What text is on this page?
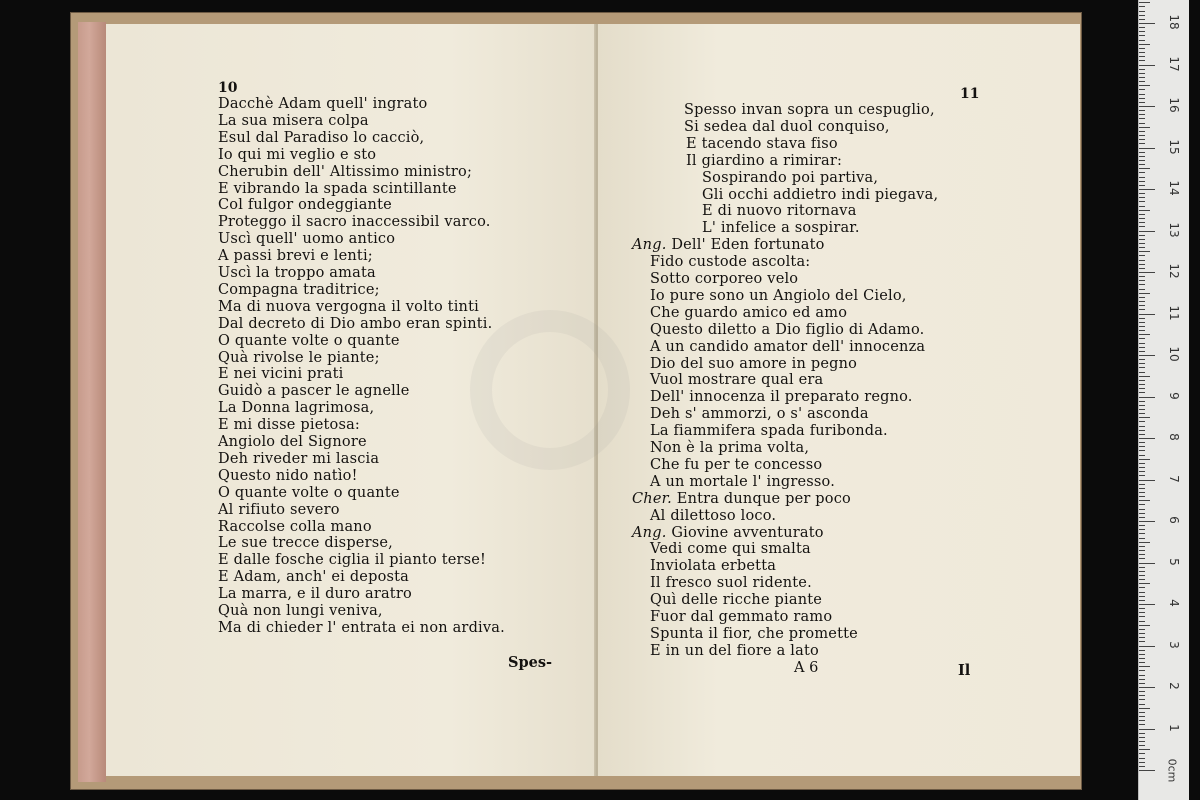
10
Dacchè Adam quell' ingrato
La sua misera colpa
Esul dal Paradiso lo cacciò,
Io qui mi veglio e sto
Cherubin dell' Altissimo ministro;
E vibrando la spada scintillante
Col fulgor ondeggiante
Proteggo il sacro inaccessibil varco.
Uscì quell' uomo antico
A passi brevi e lenti;
Uscì la troppo amata
Compagna traditrice;
Ma di nuova vergogna il volto tinti
Dal decreto di Dio ambo eran spinti.
O quante volte o quante
Quà rivolse le piante;
E nei vicini prati
Guidò a pascer le agnelle
La Donna lagrimosa,
E mi disse pietosa:
Angiolo del Signore
Deh riveder mi lascia
Questo nido natìo!
O quante volte o quante
Al rifiuto severo
Raccolse colla mano
Le sue trecce disperse,
E dalle fosche ciglia il pianto terse!
E Adam, anch' ei deposta
La marra, e il duro aratro
Quà non lungi veniva,
Ma di chieder l' entrata ei non ardiva.
Spes-
11
Spesso invan sopra un cespuglio,
Si sedea dal duol conquiso,
E tacendo stava fiso
Il giardino a rimirar:
Sospirando poi partiva,
Gli occhi addietro indi piegava,
E di nuovo ritornava
L' infelice a sospirar.
Ang. Dell' Eden fortunato
Fido custode ascolta:
Sotto corporeo velo
Io pure sono un Angiolo del Cielo,
Che guardo amico ed amo
Questo diletto a Dio figlio di Adamo.
A un candido amator dell' innocenza
Dio del suo amore in pegno
Vuol mostrare qual era
Dell' innocenza il preparato regno.
Deh s' ammorzi, o s' asconda
La fiammifera spada furibonda.
Non è la prima volta,
Che fu per te concesso
A un mortale l' ingresso.
Cher. Entra dunque per poco
Al dilettoso loco.
Ang. Giovine avventurato
Vedi come qui smalta
Inviolata erbetta
Il fresco suol ridente.
Quì delle ricche piante
Fuor dal gemmato ramo
Spunta il fior, che promette
E in un del fiore a lato
A 6	Il
1
2
3
4
5
6
7
8
9
10
11
12
13
14
15
16
17
18
0cm
